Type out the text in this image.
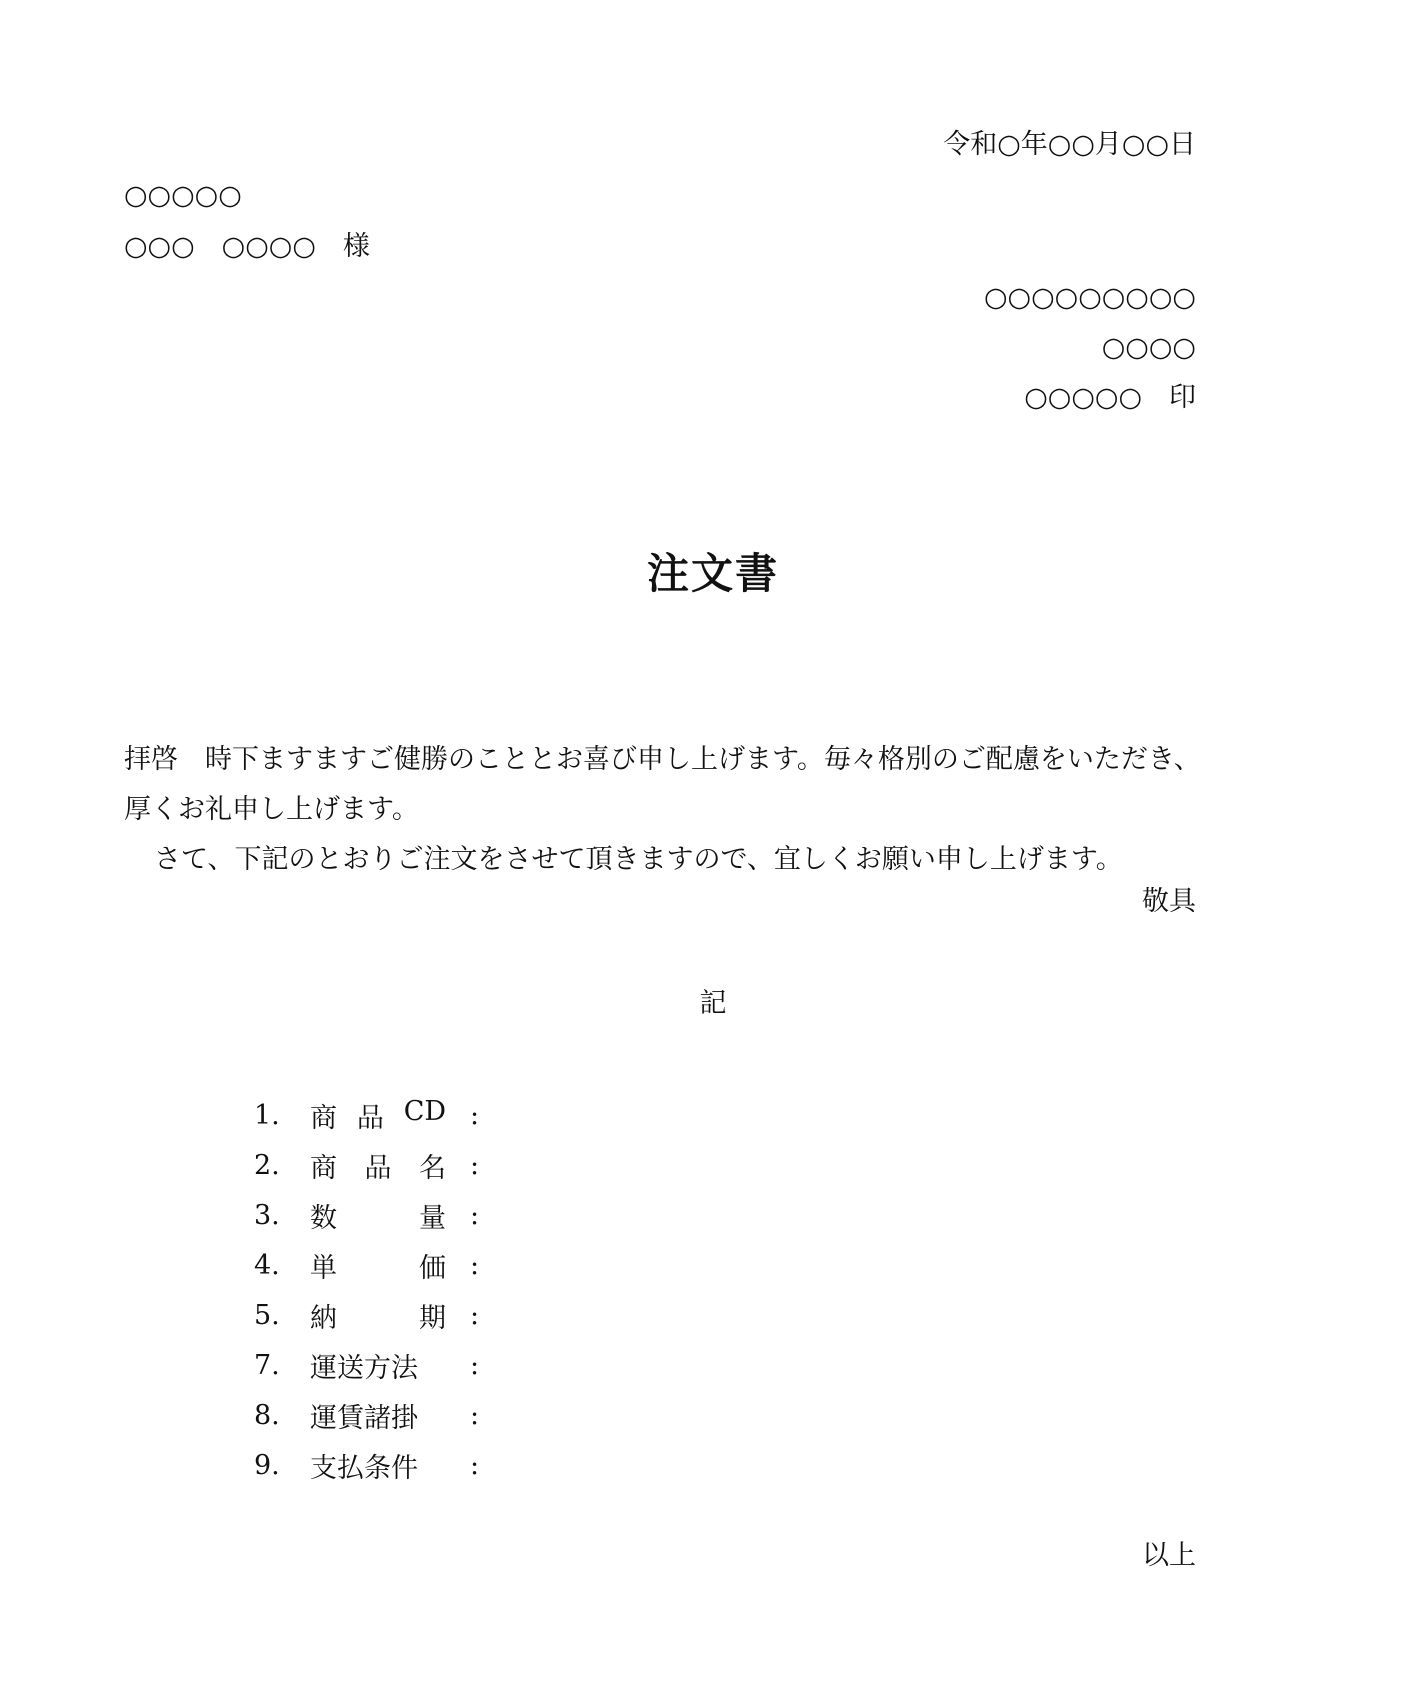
令和○年○○月○○日
○○○○○
○○○　○○○○　様
○○○○○○○○○
○○○○
○○○○○　印
注文書

拝啓　時下ますますご健勝のこととお喜び申し上げます。毎々格別のご配慮をいただき、

厚くお礼申し上げます。

さて、下記のとおりご注文をさせて頂きますので、宜しくお願い申し上げます。

敬具
記
1.	商 品 CD :
2.	商 品 名 :
3.	数	量 :
4.	単	価 :
5.	納	期 :
7.	運送方法 :
8.	運賃諸掛 :
9.	支払条件 :
以上
